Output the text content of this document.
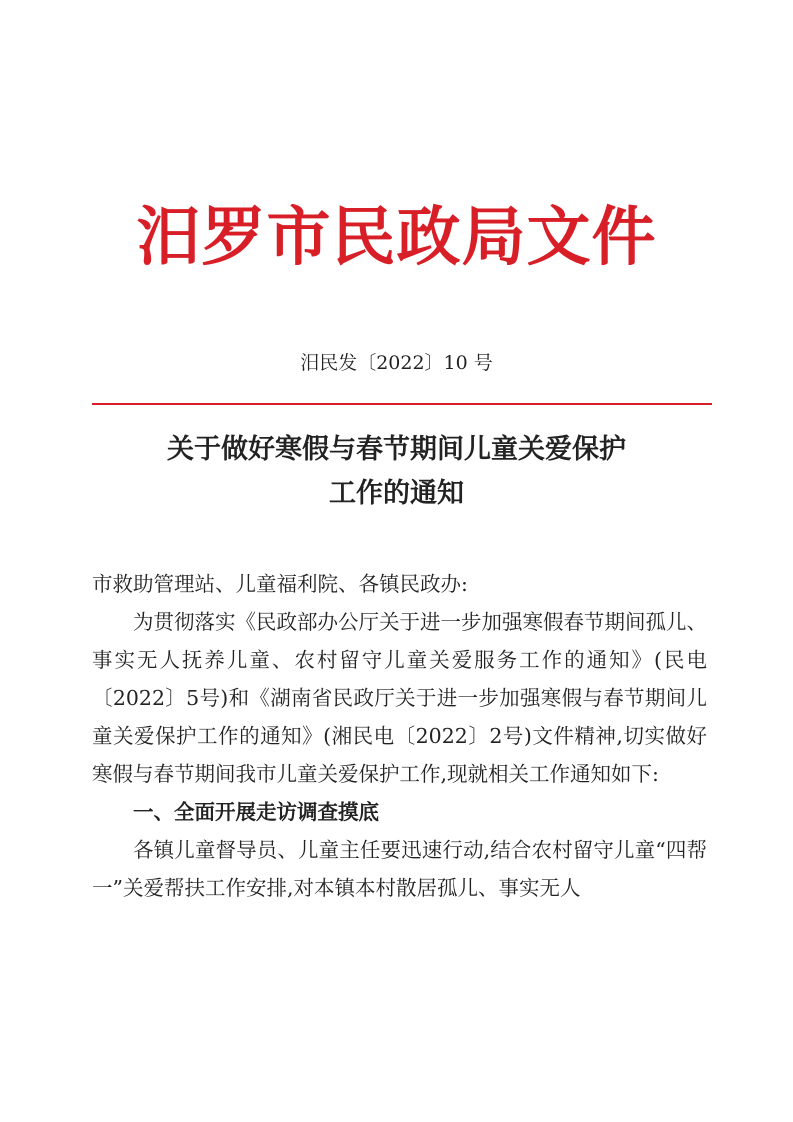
汨罗市民政局文件
汨民发〔2022〕10 号
关于做好寒假与春节期间儿童关爱保护
工作的通知

市救助管理站、儿童福利院、各镇民政办:

为贯彻落实《民政部办公厅关于进一步加强寒假春节期间孤儿、事实无人抚养儿童、农村留守儿童关爱服务工作的通知》(民电〔2022〕5号)和《湖南省民政厅关于进一步加强寒假与春节期间儿童关爱保护工作的通知》(湘民电〔2022〕2号)文件精神,切实做好寒假与春节期间我市儿童关爱保护工作,现就相关工作通知如下:

一、全面开展走访调查摸底

各镇儿童督导员、儿童主任要迅速行动,结合农村留守儿童“四帮一”关爱帮扶工作安排,对本镇本村散居孤儿、事实无人
